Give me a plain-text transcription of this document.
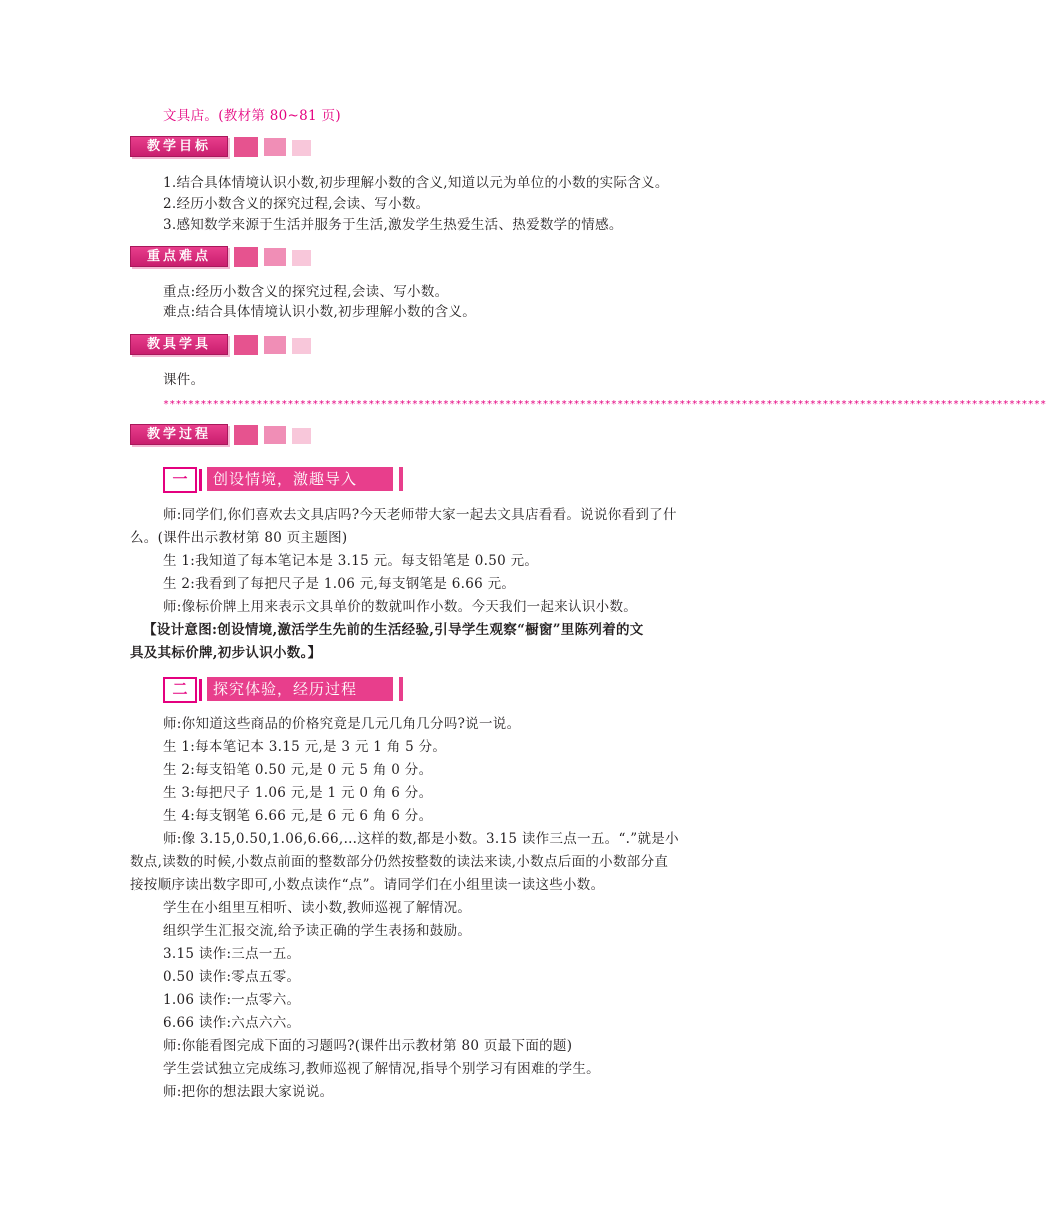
文具店。(教材第 80~81 页)
教学目标
1.结合具体情境认识小数,初步理解小数的含义,知道以元为单位的小数的实际含义。
2.经历小数含义的探究过程,会读、写小数。
3.感知数学来源于生活并服务于生活,激发学生热爱生活、热爱数学的情感。
重点难点
重点:经历小数含义的探究过程,会读、写小数。
难点:结合具体情境认识小数,初步理解小数的含义。
教具学具
课件。
**********************************************************************************************************************************************
教学过程
一	创设情境，激趣导入
师:同学们,你们喜欢去文具店吗?今天老师带大家一起去文具店看看。说说你看到了什
么。(课件出示教材第 80 页主题图)
生 1:我知道了每本笔记本是 3.15 元。每支铅笔是 0.50 元。
生 2:我看到了每把尺子是 1.06 元,每支钢笔是 6.66 元。
师:像标价牌上用来表示文具单价的数就叫作小数。今天我们一起来认识小数。
【设计意图:创设情境,激活学生先前的生活经验,引导学生观察“橱窗”里陈列着的文
具及其标价牌,初步认识小数。】
二	探究体验，经历过程
师:你知道这些商品的价格究竟是几元几角几分吗?说一说。
生 1:每本笔记本 3.15 元,是 3 元 1 角 5 分。
生 2:每支铅笔 0.50 元,是 0 元 5 角 0 分。
生 3:每把尺子 1.06 元,是 1 元 0 角 6 分。
生 4:每支钢笔 6.66 元,是 6 元 6 角 6 分。
师:像 3.15,0.50,1.06,6.66,…这样的数,都是小数。3.15 读作三点一五。“.”就是小
数点,读数的时候,小数点前面的整数部分仍然按整数的读法来读,小数点后面的小数部分直
接按顺序读出数字即可,小数点读作“点”。请同学们在小组里读一读这些小数。
学生在小组里互相听、读小数,教师巡视了解情况。
组织学生汇报交流,给予读正确的学生表扬和鼓励。
3.15 读作:三点一五。
0.50 读作:零点五零。
1.06 读作:一点零六。
6.66 读作:六点六六。
师:你能看图完成下面的习题吗?(课件出示教材第 80 页最下面的题)
学生尝试独立完成练习,教师巡视了解情况,指导个别学习有困难的学生。
师:把你的想法跟大家说说。
